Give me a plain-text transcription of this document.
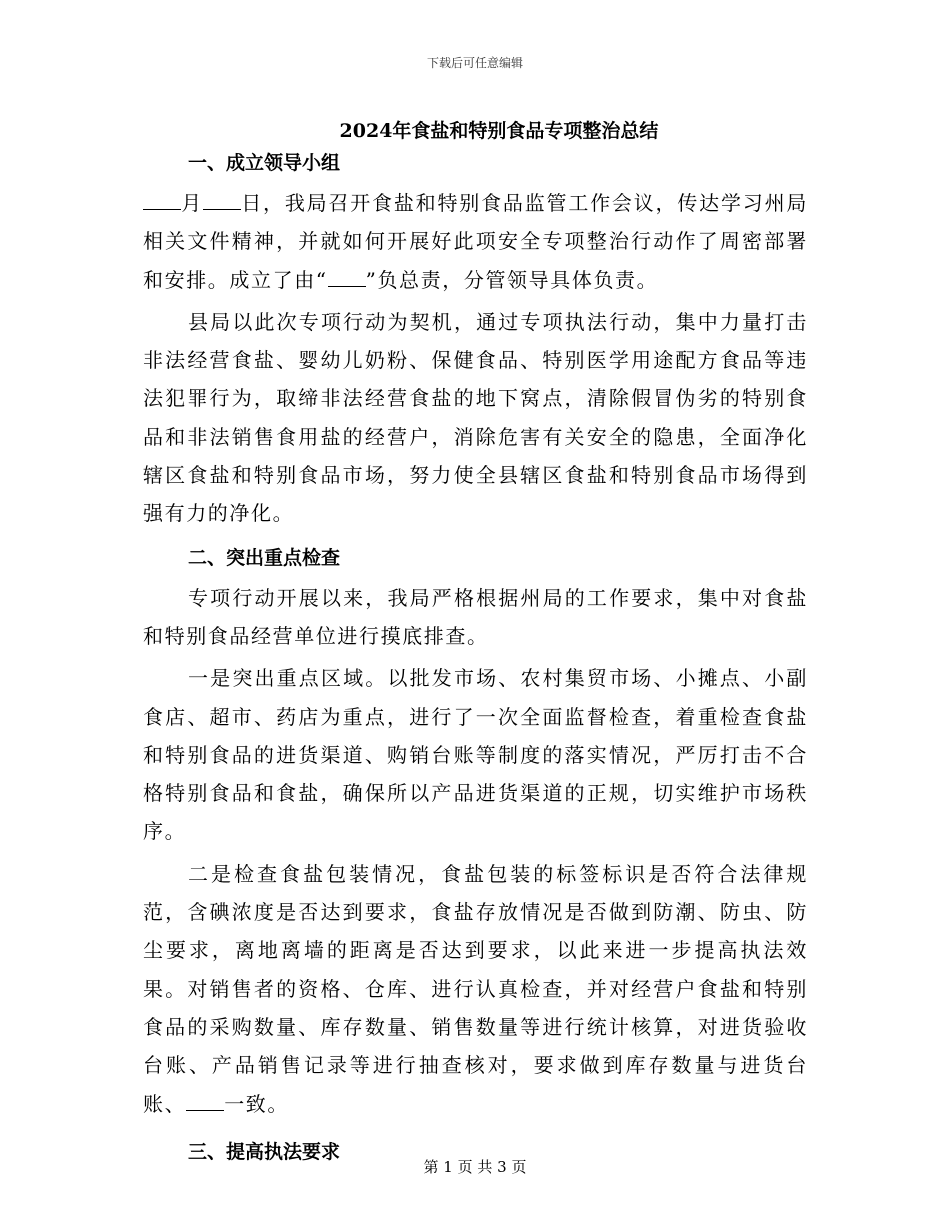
下载后可任意编辑
2024年食盐和特别食品专项整治总结
一、成立领导小组

月 日，我局召开食盐和特别食品监管工作会议，传达学习州局相关文件精神，并就如何开展好此项安全专项整治行动作了周密部署和安排。成立了由“ ”负总责，分管领导具体负责。

县局以此次专项行动为契机，通过专项执法行动，集中力量打击非法经营食盐、婴幼儿奶粉、保健食品、特别医学用途配方食品等违法犯罪行为，取缔非法经营食盐的地下窝点，清除假冒伪劣的特别食品和非法销售食用盐的经营户，消除危害有关安全的隐患，全面净化辖区食盐和特别食品市场，努力使全县辖区食盐和特别食品市场得到强有力的净化。

二、突出重点检查

专项行动开展以来，我局严格根据州局的工作要求，集中对食盐和特别食品经营单位进行摸底排查。

一是突出重点区域。以批发市场、农村集贸市场、小摊点、小副食店、超市、药店为重点，进行了一次全面监督检查，着重检查食盐和特别食品的进货渠道、购销台账等制度的落实情况，严厉打击不合格特别食品和食盐，确保所以产品进货渠道的正规，切实维护市场秩序。

二是检查食盐包装情况，食盐包装的标签标识是否符合法律规范，含碘浓度是否达到要求，食盐存放情况是否做到防潮、防虫、防尘要求，离地离墙的距离是否达到要求，以此来进一步提高执法效果。对销售者的资格、仓库、进行认真检查，并对经营户食盐和特别食品的采购数量、库存数量、销售数量等进行统计核算，对进货验收台账、产品销售记录等进行抽查核对，要求做到库存数量与进货台账、 一致。

三、提高执法要求
第 1 页 共 3 页
